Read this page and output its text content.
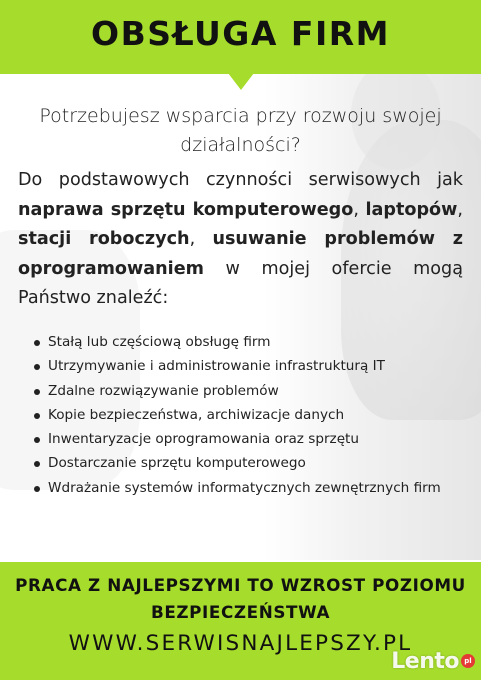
OBSŁUGA FIRM

Potrzebujesz wsparcia przy rozwoju swojej działalności?

Do podstawowych czynności serwisowych jak naprawa sprzętu komputerowego, laptopów, stacji roboczych, usuwanie problemów z oprogramowaniem w mojej ofercie mogą Państwo znaleźć:

Stałą lub częściową obsługę firm
Utrzymywanie i administrowanie infrastrukturą IT
Zdalne rozwiązywanie problemów
Kopie bezpieczeństwa, archiwizacje danych
Inwentaryzacje oprogramowania oraz sprzętu
Dostarczanie sprzętu komputerowego
Wdrażanie systemów informatycznych zewnętrznych firm

PRACA Z NAJLEPSZYMI TO WZROST POZIOMU BEZPIECZEŃSTWA

WWW.SERWISNAJLEPSZY.PL

Lento pl
